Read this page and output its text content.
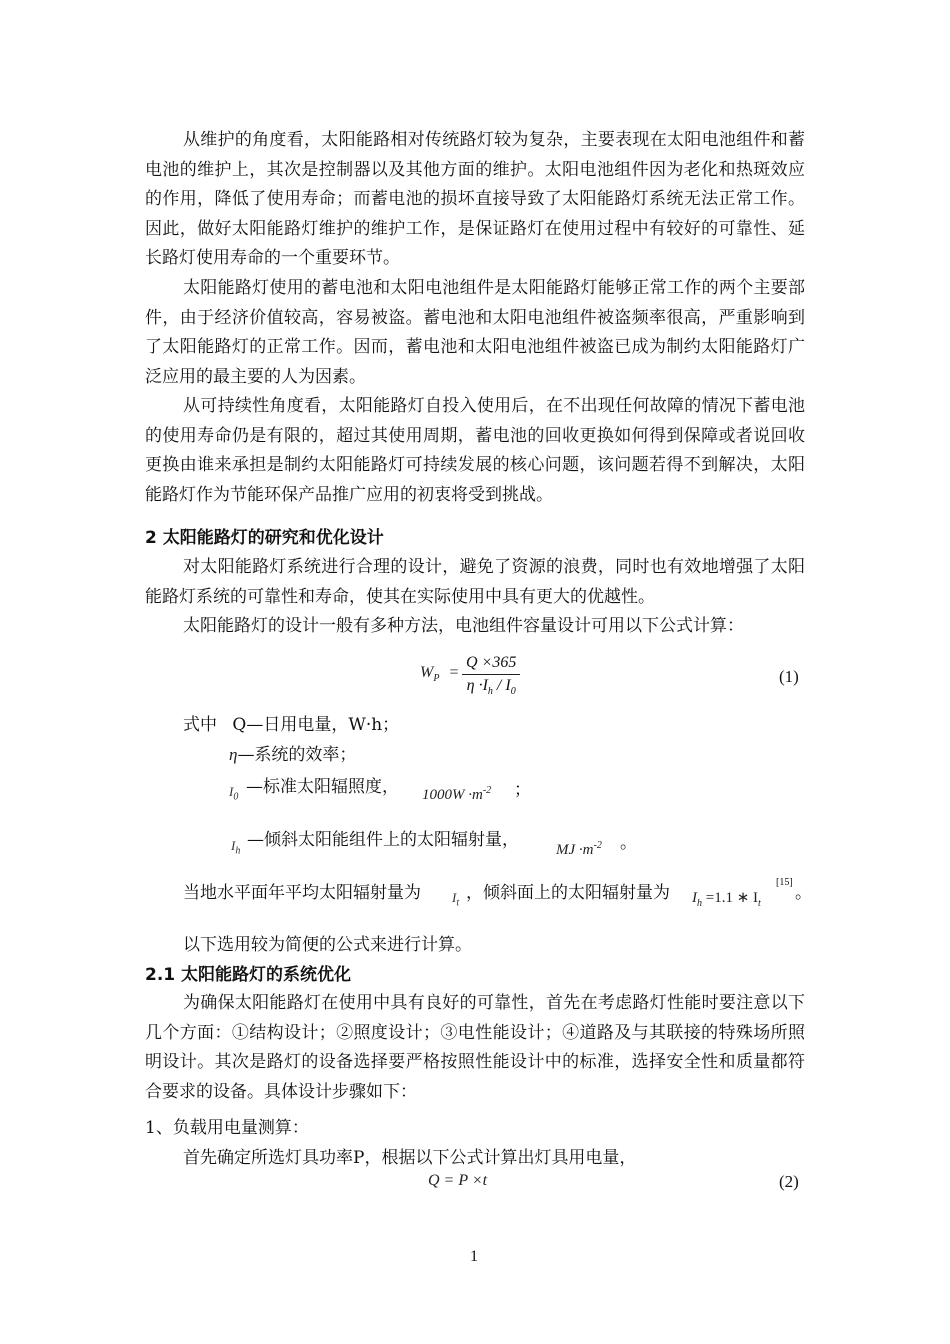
从维护的角度看，太阳能路相对传统路灯较为复杂，主要表现在太阳电池组件和蓄电池的维护上，其次是控制器以及其他方面的维护。太阳电池组件因为老化和热斑效应的作用，降低了使用寿命；而蓄电池的损坏直接导致了太阳能路灯系统无法正常工作。因此，做好太阳能路灯维护的维护工作，是保证路灯在使用过程中有较好的可靠性、延长路灯使用寿命的一个重要环节。

太阳能路灯使用的蓄电池和太阳电池组件是太阳能路灯能够正常工作的两个主要部件，由于经济价值较高，容易被盗。蓄电池和太阳电池组件被盗频率很高，严重影响到了太阳能路灯的正常工作。因而，蓄电池和太阳电池组件被盗已成为制约太阳能路灯广泛应用的最主要的人为因素。

从可持续性角度看，太阳能路灯自投入使用后，在不出现任何故障的情况下蓄电池的使用寿命仍是有限的，超过其使用周期，蓄电池的回收更换如何得到保障或者说回收更换由谁来承担是制约太阳能路灯可持续发展的核心问题，该问题若得不到解决，太阳能路灯作为节能环保产品推广应用的初衷将受到挑战。

2 太阳能路灯的研究和优化设计

对太阳能路灯系统进行合理的设计，避免了资源的浪费，同时也有效地增强了太阳能路灯系统的可靠性和寿命，使其在实际使用中具有更大的优越性。

太阳能路灯的设计一般有多种方法，电池组件容量设计可用以下公式计算：

$W_P$ =
Q ×365
$\eta \cdot I_h / I_0$
(1)
式中 Q—日用电量，W·h；
η—系统的效率；
$I_0$
—标准太阳辐照度， $1000W \cdot m^{-2}$ ；
$I_h$
—倾斜太阳能组件上的太阳辐射量， MJ $\cdot m^{-2}$ 。
当地水平面年平均太阳辐射量为 $I_t$
，倾斜面上的太阳辐射量为 $I_h =1.1$ ∗ $I_t$
[15]
。
以下选用较为简便的公式来进行计算。
2.1 太阳能路灯的系统优化

为确保太阳能路灯在使用中具有良好的可靠性，首先在考虑路灯性能时要注意以下几个方面：①结构设计；②照度设计；③电性能设计；④道路及与其联接的特殊场所照明设计。其次是路灯的设备选择要严格按照性能设计中的标准，选择安全性和质量都符合要求的设备。具体设计步骤如下：

1、负载用电量测算：
首先确定所选灯具功率P，根据以下公式计算出灯具用电量，
Q = P ×t	(2)
1
